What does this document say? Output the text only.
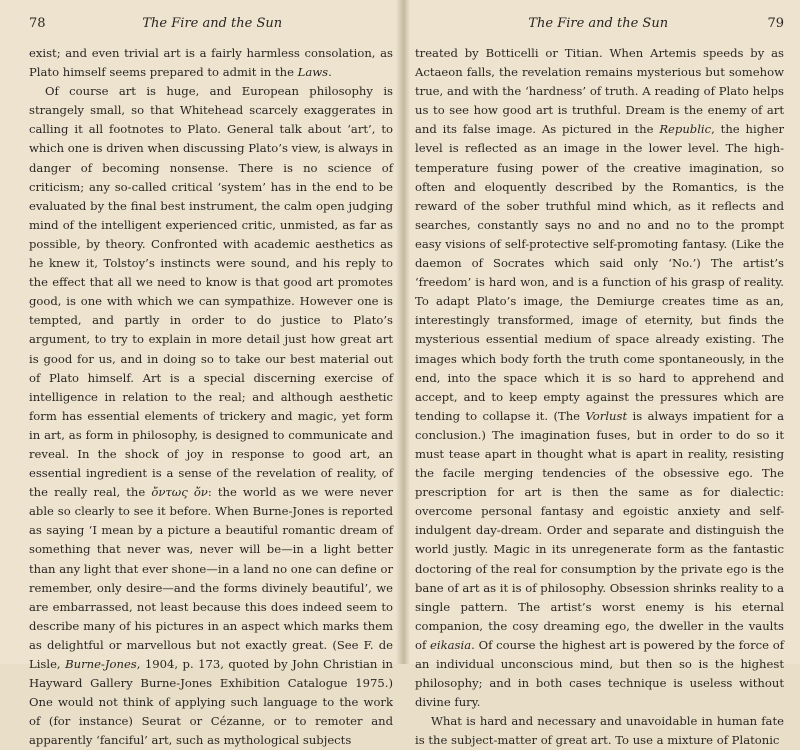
78	The Fire and the Sun

exist; and even trivial art is a fairly harmless consolation, as Plato himself seems prepared to admit in the Laws.

Of course art is huge, and European philosophy is strangely small, so that Whitehead scarcely exaggerates in calling it all footnotes to Plato. General talk about ‘art’, to which one is driven when discussing Plato’s view, is always in danger of becoming nonsense. There is no science of criticism; any so-called critical ‘system’ has in the end to be evaluated by the final best instrument, the calm open judging mind of the intelligent experienced critic, unmisted, as far as possible, by theory. Confronted with academic aesthetics as he knew it, Tolstoy’s instincts were sound, and his reply to the effect that all we need to know is that good art promotes good, is one with which we can sympathize. However one is tempted, and partly in order to do justice to Plato’s argument, to try to explain in more detail just how great art is good for us, and in doing so to take our best material out of Plato himself. Art is a special discerning exercise of intelligence in relation to the real; and although aesthetic form has essential elements of trickery and magic, yet form in art, as form in philosophy, is designed to communicate and reveal. In the shock of joy in response to good art, an essential ingredient is a sense of the revelation of reality, of the really real, the ὄντως ὄν: the world as we were never able so clearly to see it before. When Burne-Jones is reported as saying ‘I mean by a picture a beautiful romantic dream of something that never was, never will be—in a light better than any light that ever shone—in a land no one can define or remember, only desire—and the forms divinely beautiful’, we are embarrassed, not least because this does indeed seem to describe many of his pictures in an aspect which marks them as delightful or marvellous but not exactly great. (See F. de Lisle, Burne-Jones, 1904, p. 173, quoted by John Christian in Hayward Gallery Burne-Jones Exhibition Catalogue 1975.) One would not think of applying such language to the work of (for instance) Seurat or Cézanne, or to remoter and apparently ‘fanciful’ art, such as mythological subjects

The Fire and the Sun	79

treated by Botticelli or Titian. When Artemis speeds by as Actaeon falls, the revelation remains mysterious but somehow true, and with the ‘hardness’ of truth. A reading of Plato helps us to see how good art is truthful. Dream is the enemy of art and its false image. As pictured in the Republic, the higher level is reflected as an image in the lower level. The high-temperature fusing power of the creative imagination, so often and eloquently described by the Romantics, is the reward of the sober truthful mind which, as it reflects and searches, constantly says no and no and no to the prompt easy visions of self-protective self-promoting fantasy. (Like the daemon of Socrates which said only ‘No.’) The artist’s ‘freedom’ is hard won, and is a function of his grasp of reality. To adapt Plato’s image, the Demiurge creates time as an, interestingly transformed, image of eternity, but finds the mysterious essential medium of space already existing. The images which body forth the truth come spontaneously, in the end, into the space which it is so hard to apprehend and accept, and to keep empty against the pressures which are tending to collapse it. (The Vorlust is always impatient for a conclusion.) The imagination fuses, but in order to do so it must tease apart in thought what is apart in reality, resisting the facile merging tendencies of the obsessive ego. The prescription for art is then the same as for dialectic: overcome personal fantasy and egoistic anxiety and self-indulgent day-dream. Order and separate and distinguish the world justly. Magic in its unregenerate form as the fantastic doctoring of the real for consumption by the private ego is the bane of art as it is of philosophy. Obsession shrinks reality to a single pattern. The artist’s worst enemy is his eternal companion, the cosy dreaming ego, the dweller in the vaults of eikasia. Of course the highest art is powered by the force of an individual unconscious mind, but then so is the highest philosophy; and in both cases technique is useless without divine fury.

What is hard and necessary and unavoidable in human fate is the subject-matter of great art. To use a mixture of Platonic
